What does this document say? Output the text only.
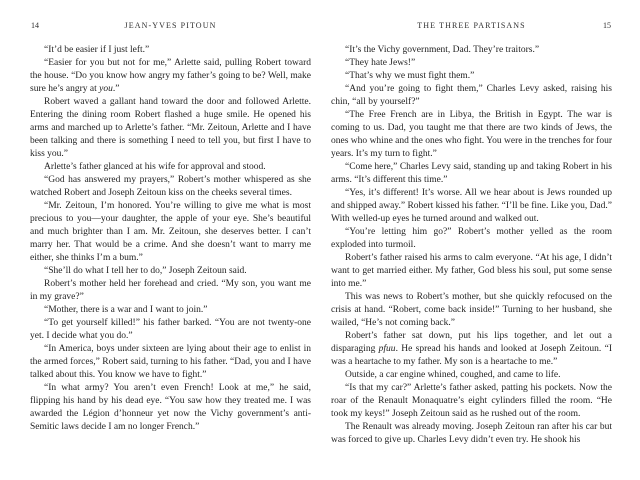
14	JEAN-YVES PITOUN

“It’d be easier if I just left.”

“Easier for you but not for me,” Arlette said, pulling Robert toward the house. “Do you know how angry my father’s going to be? Well, make sure he’s angry at you.”

Robert waved a gallant hand toward the door and followed Arlette. Entering the dining room Robert flashed a huge smile. He opened his arms and marched up to Arlette’s father. “Mr. Zeitoun, Arlette and I have been talking and there is something I need to tell you, but first I have to kiss you.”

Arlette’s father glanced at his wife for approval and stood.

“God has answered my prayers,” Robert’s mother whispered as she watched Robert and Joseph Zeitoun kiss on the cheeks several times.

“Mr. Zeitoun, I’m honored. You’re willing to give me what is most precious to you—your daughter, the apple of your eye. She’s beautiful and much brighter than I am. Mr. Zeitoun, she deserves better. I can’t marry her. That would be a crime. And she doesn’t want to marry me either, she thinks I’m a bum.”

“She’ll do what I tell her to do,” Joseph Zeitoun said.

Robert’s mother held her forehead and cried. “My son, you want me in my grave?”

“Mother, there is a war and I want to join.”

“To get yourself killed!” his father barked. “You are not twenty-one yet. I decide what you do.”

“In America, boys under sixteen are lying about their age to enlist in the armed forces,” Robert said, turning to his father. “Dad, you and I have talked about this. You know we have to fight.”

“In what army? You aren’t even French! Look at me,” he said, flipping his hand by his dead eye. “You saw how they treated me. I was awarded the Légion d’honneur yet now the Vichy government’s anti-Semitic laws decide I am no longer French.”

THE THREE PARTISANS	15

“It’s the Vichy government, Dad. They’re traitors.”

“They hate Jews!”

“That’s why we must fight them.”

“And you’re going to fight them,” Charles Levy asked, raising his chin, “all by yourself?”

“The Free French are in Libya, the British in Egypt. The war is coming to us. Dad, you taught me that there are two kinds of Jews, the ones who whine and the ones who fight. You were in the trenches for four years. It’s my turn to fight.”

“Come here,” Charles Levy said, standing up and taking Robert in his arms. “It’s different this time.”

“Yes, it’s different! It’s worse. All we hear about is Jews rounded up and shipped away.” Robert kissed his father. “I’ll be fine. Like you, Dad.” With welled-up eyes he turned around and walked out.

“You’re letting him go?” Robert’s mother yelled as the room exploded into turmoil.

Robert’s father raised his arms to calm everyone. “At his age, I didn’t want to get married either. My father, God bless his soul, put some sense into me.”

This was news to Robert’s mother, but she quickly refocused on the crisis at hand. “Robert, come back inside!” Turning to her husband, she wailed, “He’s not coming back.”

Robert’s father sat down, put his lips together, and let out a disparaging pfuu. He spread his hands and looked at Joseph Zeitoun. “I was a heartache to my father. My son is a heartache to me.”

Outside, a car engine whined, coughed, and came to life.

“Is that my car?” Arlette’s father asked, patting his pockets. Now the roar of the Renault Monaquatre’s eight cylinders filled the room. “He took my keys!” Joseph Zeitoun said as he rushed out of the room.

The Renault was already moving. Joseph Zeitoun ran after his car but was forced to give up. Charles Levy didn’t even try. He shook his
